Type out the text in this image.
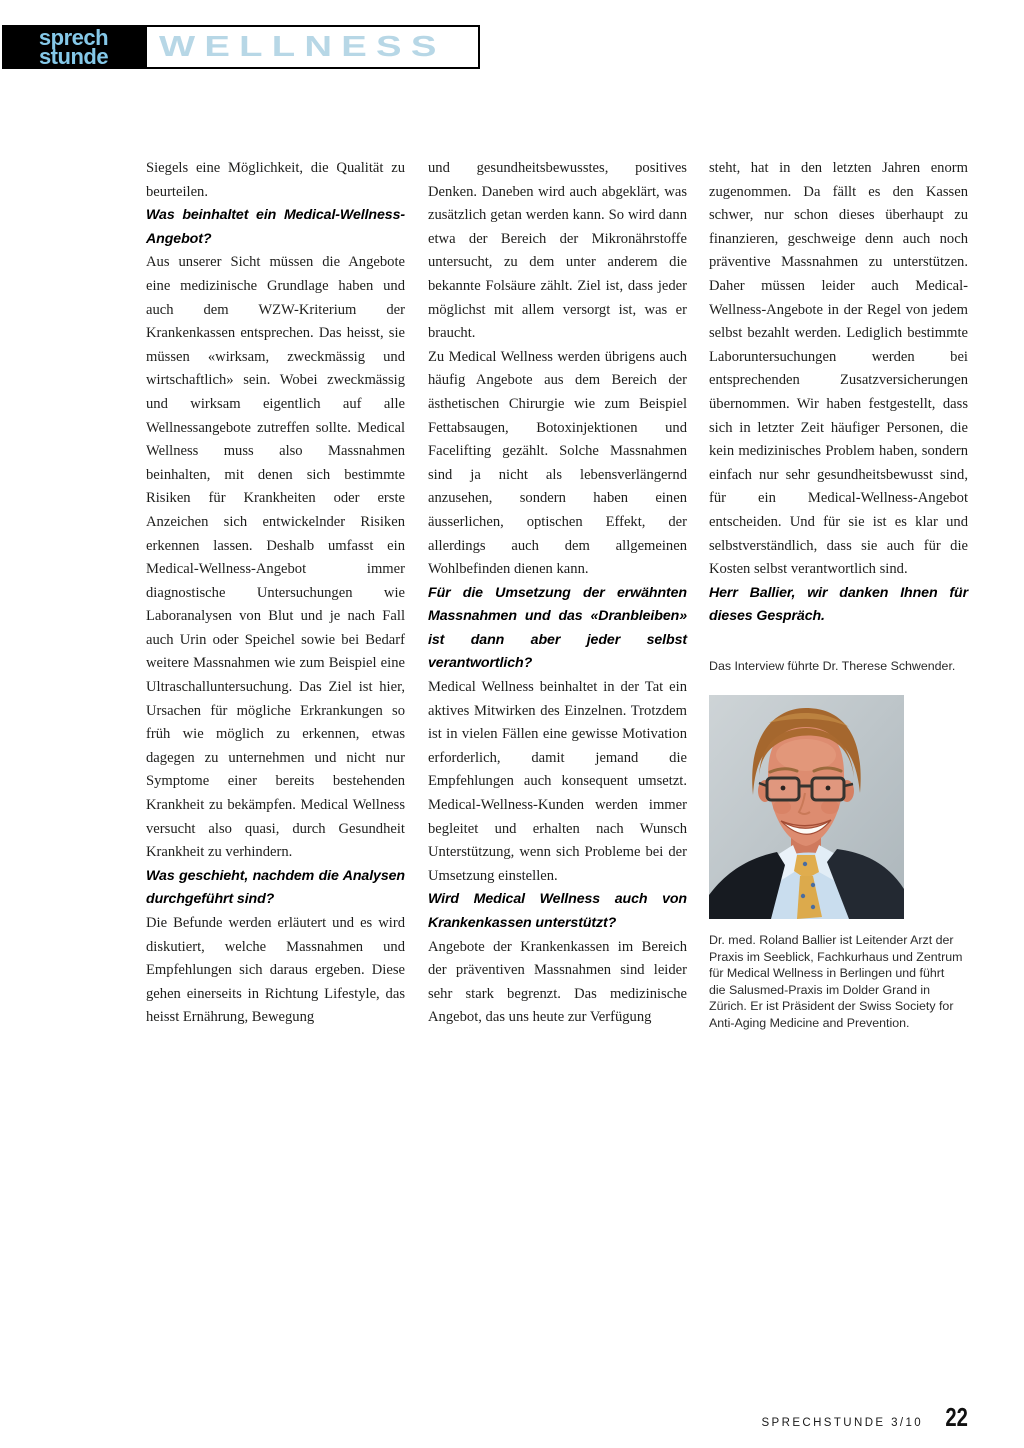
sprech
stunde WELLNESS

Siegels eine Möglichkeit, die Qualität zu beurteilen.

Was beinhaltet ein Medical-Wellness-Angebot?

Aus unserer Sicht müssen die Angebote eine medizinische Grundlage haben und auch dem WZW-Kriterium der Krankenkassen entsprechen. Das heisst, sie müssen «wirksam, zweckmässig und wirtschaftlich» sein. Wobei zweckmässig und wirksam eigentlich auf alle Wellnessangebote zutreffen sollte. Medical Wellness muss also Massnahmen beinhalten, mit denen sich bestimmte Risiken für Krankheiten oder erste Anzeichen sich entwickelnder Risiken erkennen lassen. Deshalb umfasst ein Medical-Wellness-Angebot immer diagnostische Untersuchungen wie Laboranalysen von Blut und je nach Fall auch Urin oder Speichel sowie bei Bedarf weitere Massnahmen wie zum Beispiel eine Ultraschalluntersuchung. Das Ziel ist hier, Ursachen für mögliche Erkrankungen so früh wie möglich zu erkennen, etwas dagegen zu unternehmen und nicht nur Symptome einer bereits bestehenden Krankheit zu bekämpfen. Medical Wellness versucht also quasi, durch Gesundheit Krankheit zu verhindern.

Was geschieht, nachdem die Analysen durchgeführt sind?

Die Befunde werden erläutert und es wird diskutiert, welche Massnahmen und Empfehlungen sich daraus ergeben. Diese gehen einerseits in Richtung Lifestyle, das heisst Ernährung, Bewegung

und gesundheitsbewusstes, positives Denken. Daneben wird auch abgeklärt, was zusätzlich getan werden kann. So wird dann etwa der Bereich der Mikronährstoffe untersucht, zu dem unter anderem die bekannte Folsäure zählt. Ziel ist, dass jeder möglichst mit allem versorgt ist, was er braucht.

Zu Medical Wellness werden übrigens auch häufig Angebote aus dem Bereich der ästhetischen Chirurgie wie zum Beispiel Fettabsaugen, Botoxinjektionen und Facelifting gezählt. Solche Massnahmen sind ja nicht als lebensverlängernd anzusehen, sondern haben einen äusserlichen, optischen Effekt, der allerdings auch dem allgemeinen Wohlbefinden dienen kann.

Für die Umsetzung der erwähnten Massnahmen und das «Dranbleiben» ist dann aber jeder selbst verantwortlich?

Medical Wellness beinhaltet in der Tat ein aktives Mitwirken des Einzelnen. Trotzdem ist in vielen Fällen eine gewisse Motivation erforderlich, damit jemand die Empfehlungen auch konsequent umsetzt. Medical-Wellness-Kunden werden immer begleitet und erhalten nach Wunsch Unterstützung, wenn sich Probleme bei der Umsetzung einstellen.

Wird Medical Wellness auch von Krankenkassen unterstützt?

Angebote der Krankenkassen im Bereich der präventiven Massnahmen sind leider sehr stark begrenzt. Das medizinische Angebot, das uns heute zur Verfügung

steht, hat in den letzten Jahren enorm zugenommen. Da fällt es den Kassen schwer, nur schon dieses überhaupt zu finanzieren, geschweige denn auch noch präventive Massnahmen zu unterstützen. Daher müssen leider auch Medical-Wellness-Angebote in der Regel von jedem selbst bezahlt werden. Lediglich bestimmte Laboruntersuchungen werden bei entsprechenden Zusatzversicherungen übernommen. Wir haben festgestellt, dass sich in letzter Zeit häufiger Personen, die kein medizinisches Problem haben, sondern einfach nur sehr gesundheitsbewusst sind, für ein Medical-Wellness-Angebot entscheiden. Und für sie ist es klar und selbstverständlich, dass sie auch für die Kosten selbst verantwortlich sind.

Herr Ballier, wir danken Ihnen für dieses Gespräch.

Das Interview führte Dr. Therese Schwender.

Dr. med. Roland Ballier ist Leitender Arzt der Praxis im Seeblick, Fachkurhaus und Zentrum für Medical Wellness in Berlingen und führt die Salusmed-Praxis im Dolder Grand in Zürich. Er ist Präsident der Swiss Society for Anti-Aging Medicine and Prevention.

SPRECHSTUNDE 3/10 22
